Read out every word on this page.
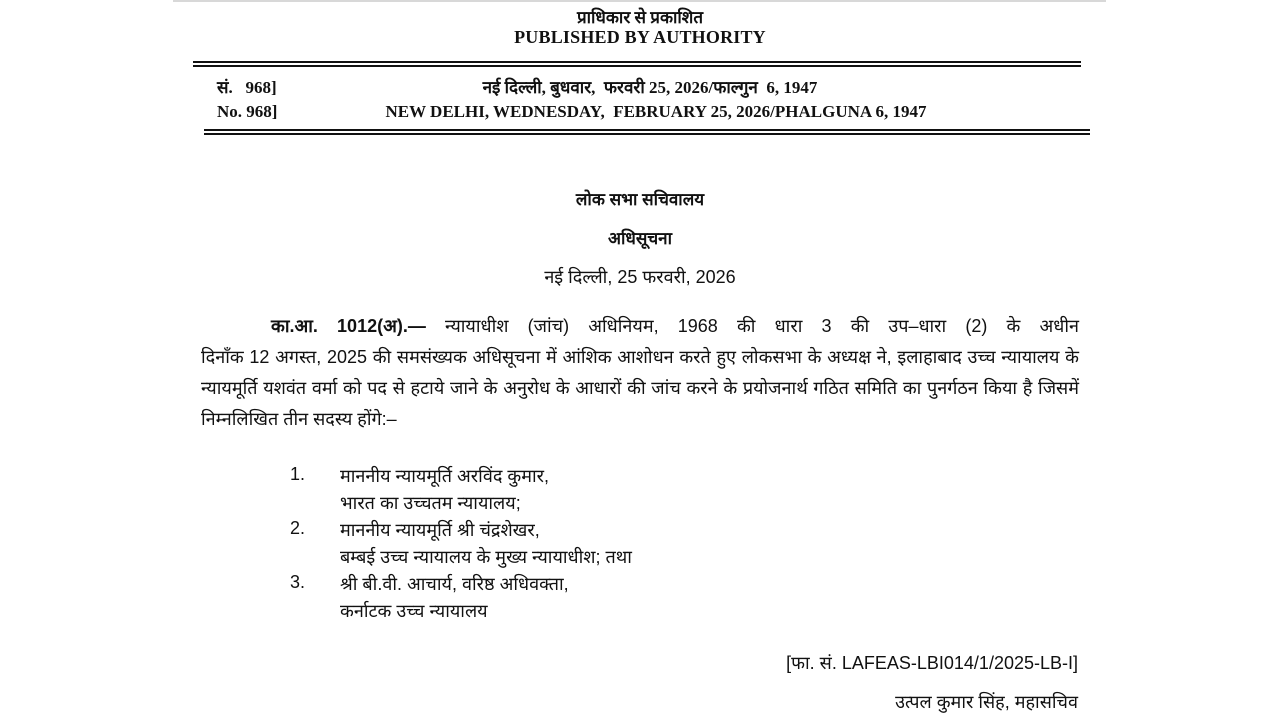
प्राधिकार से प्रकाशित
PUBLISHED BY AUTHORITY
नई दिल्ली, बुधवार,  फरवरी 25, 2026/फाल्गुन  6, 1947
सं.   968]
NEW DELHI, WEDNESDAY,  FEBRUARY 25, 2026/PHALGUNA 6, 1947
No. 968]
लोक सभा सचिवालय
अधिसूचना
नई दिल्ली, 25 फरवरी, 2026
का.आ. 1012(अ).— न्यायाधीश (जांच) अधिनियम, 1968 की धारा 3 की उप–धारा (2) के अधीन
दिनाँक 12 अगस्त, 2025 की समसंख्यक अधिसूचना में आंशिक आशोधन करते हुए लोकसभा के अध्यक्ष ने, इलाहाबाद उच्च न्यायालय के न्यायमूर्ति यशवंत वर्मा को पद से हटाये जाने के अनुरोध के आधारों की जांच करने के प्रयोजनार्थ गठित समिति का पुनर्गठन किया है जिसमें निम्नलिखित तीन सदस्य होंगे:–
1. माननीय न्यायमूर्ति अरविंद कुमार,
भारत का उच्चतम न्यायालय;
2. माननीय न्यायमूर्ति श्री चंद्रशेखर,
बम्बई उच्च न्यायालय के मुख्य न्यायाधीश; तथा
3. श्री बी.वी. आचार्य, वरिष्ठ अधिवक्ता,
कर्नाटक उच्च न्यायालय
[फा. सं. LAFEAS-LBI014/1/2025-LB-I]
उत्पल कुमार सिंह, महासचिव
